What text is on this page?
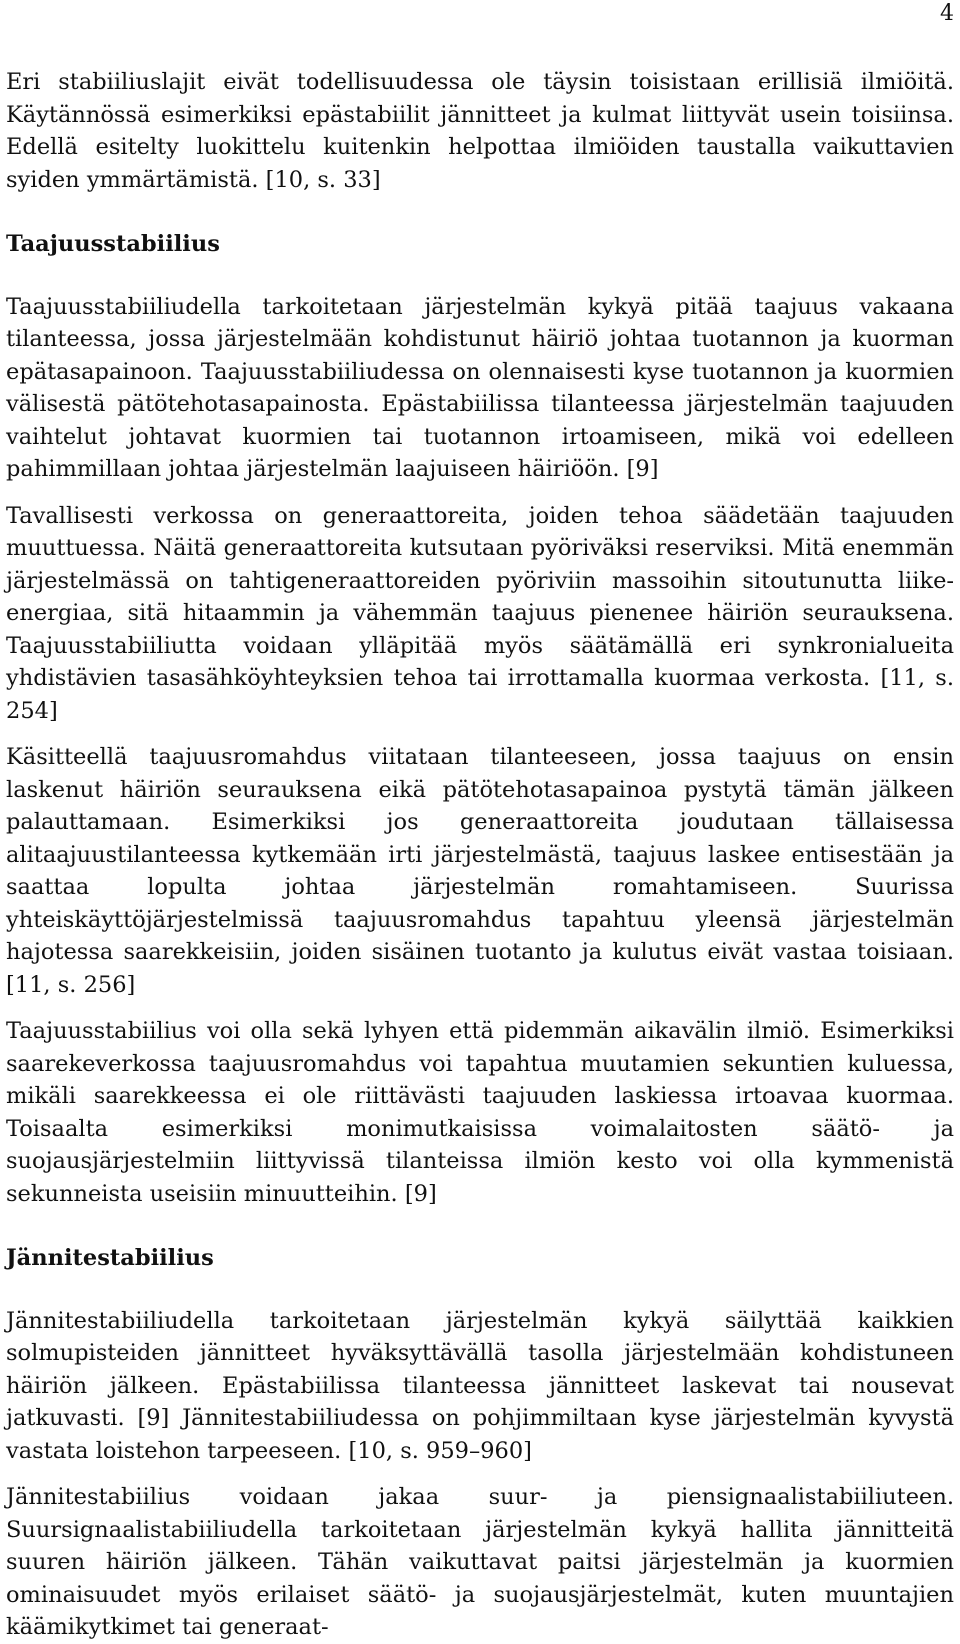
4

Eri stabiiliuslajit eivät todellisuudessa ole täysin toisistaan erillisiä ilmiöitä. Käytännössä esimerkiksi epästabiilit jännitteet ja kulmat liittyvät usein toisiinsa. Edellä esitelty luokittelu kuitenkin helpottaa ilmiöiden taustalla vaikuttavien syiden ymmärtämistä. [10, s. 33]

Taajuusstabiilius

Taajuusstabiiliudella tarkoitetaan järjestelmän kykyä pitää taajuus vakaana tilanteessa, jossa järjestelmään kohdistunut häiriö johtaa tuotannon ja kuorman epätasapainoon. Taajuusstabiiliudessa on olennaisesti kyse tuotannon ja kuormien välisestä pätötehotasapainosta. Epästabiilissa tilanteessa järjestelmän taajuuden vaihtelut johtavat kuormien tai tuotannon irtoamiseen, mikä voi edelleen pahimmillaan johtaa järjestelmän laajuiseen häiriöön. [9]

Tavallisesti verkossa on generaattoreita, joiden tehoa säädetään taajuuden muuttuessa. Näitä generaattoreita kutsutaan pyöriväksi reserviksi. Mitä enemmän järjestelmässä on tahtigeneraattoreiden pyöriviin massoihin sitoutunutta liike-energiaa, sitä hitaammin ja vähemmän taajuus pienenee häiriön seurauksena. Taajuusstabiiliutta voidaan ylläpitää myös säätämällä eri synkronialueita yhdistävien tasasähköyhteyksien tehoa tai irrottamalla kuormaa verkosta. [11, s. 254]

Käsitteellä taajuusromahdus viitataan tilanteeseen, jossa taajuus on ensin laskenut häiriön seurauksena eikä pätötehotasapainoa pystytä tämän jälkeen palauttamaan. Esimerkiksi jos generaattoreita joudutaan tällaisessa alitaajuustilanteessa kytkemään irti järjestelmästä, taajuus laskee entisestään ja saattaa lopulta johtaa järjestelmän romahtamiseen. Suurissa yhteiskäyttöjärjestelmissä taajuusromahdus tapahtuu yleensä järjestelmän hajotessa saarekkeisiin, joiden sisäinen tuotanto ja kulutus eivät vastaa toisiaan. [11, s. 256]

Taajuusstabiilius voi olla sekä lyhyen että pidemmän aikavälin ilmiö. Esimerkiksi saarekeverkossa taajuusromahdus voi tapahtua muutamien sekuntien kuluessa, mikäli saarekkeessa ei ole riittävästi taajuuden laskiessa irtoavaa kuormaa. Toisaalta esimerkiksi monimutkaisissa voimalaitosten säätö- ja suojausjärjestelmiin liittyvissä tilanteissa ilmiön kesto voi olla kymmenistä sekunneista useisiin minuutteihin. [9]

Jännitestabiilius

Jännitestabiiliudella tarkoitetaan järjestelmän kykyä säilyttää kaikkien solmupisteiden jännitteet hyväksyttävällä tasolla järjestelmään kohdistuneen häiriön jälkeen. Epästabiilissa tilanteessa jännitteet laskevat tai nousevat jatkuvasti. [9] Jännitestabiiliudessa on pohjimmiltaan kyse järjestelmän kyvystä vastata loistehon tarpeeseen. [10, s. 959–960]

Jännitestabiilius voidaan jakaa suur- ja piensignaalistabiiliuteen. Suursignaalistabiiliudella tarkoitetaan järjestelmän kykyä hallita jännitteitä suuren häiriön jälkeen. Tähän vaikuttavat paitsi järjestelmän ja kuormien ominaisuudet myös erilaiset säätö- ja suojausjärjestelmät, kuten muuntajien käämikytkimet tai generaat-
